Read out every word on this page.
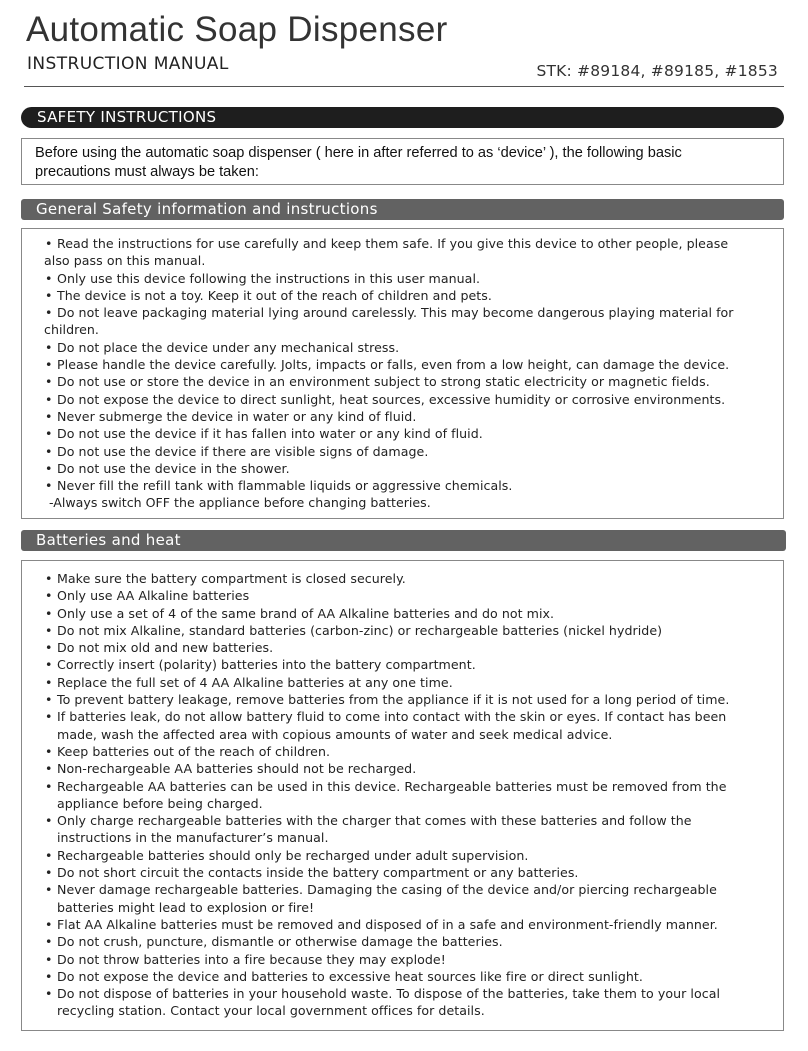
Automatic Soap Dispenser
INSTRUCTION MANUAL	STK: #89184, #89185, #1853
SAFETY INSTRUCTIONS

Before using the automatic soap dispenser ( here in after referred to as ‘device’ ), the following basic
precautions must always be taken:

General Safety information and instructions
• Read the instructions for use carefully and keep them safe. If you give this device to other people, please
also pass on this manual.
• Only use this device following the instructions in this user manual.
• The device is not a toy. Keep it out of the reach of children and pets.
• Do not leave packaging material lying around carelessly. This may become dangerous playing material for
children.
• Do not place the device under any mechanical stress.
• Please handle the device carefully. Jolts, impacts or falls, even from a low height, can damage the device.
• Do not use or store the device in an environment subject to strong static electricity or magnetic fields.
• Do not expose the device to direct sunlight, heat sources, excessive humidity or corrosive environments.
• Never submerge the device in water or any kind of fluid.
• Do not use the device if it has fallen into water or any kind of fluid.
• Do not use the device if there are visible signs of damage.
• Do not use the device in the shower.
• Never fill the refill tank with flammable liquids or aggressive chemicals.
-Always switch OFF the appliance before changing batteries.
Batteries and heat
• Make sure the battery compartment is closed securely.
• Only use AA Alkaline batteries
• Only use a set of 4 of the same brand of AA Alkaline batteries and do not mix.
• Do not mix Alkaline, standard batteries (carbon-zinc) or rechargeable batteries (nickel hydride)
• Do not mix old and new batteries.
• Correctly insert (polarity) batteries into the battery compartment.
• Replace the full set of 4 AA Alkaline batteries at any one time.
• To prevent battery leakage, remove batteries from the appliance if it is not used for a long period of time.
• If batteries leak, do not allow battery fluid to come into contact with the skin or eyes. If contact has been
made, wash the affected area with copious amounts of water and seek medical advice.
• Keep batteries out of the reach of children.
• Non-rechargeable AA batteries should not be recharged.
• Rechargeable AA batteries can be used in this device. Rechargeable batteries must be removed from the
appliance before being charged.
• Only charge rechargeable batteries with the charger that comes with these batteries and follow the
instructions in the manufacturer’s manual.
• Rechargeable batteries should only be recharged under adult supervision.
• Do not short circuit the contacts inside the battery compartment or any batteries.
• Never damage rechargeable batteries. Damaging the casing of the device and/or piercing rechargeable
batteries might lead to explosion or fire!
• Flat AA Alkaline batteries must be removed and disposed of in a safe and environment-friendly manner.
• Do not crush, puncture, dismantle or otherwise damage the batteries.
• Do not throw batteries into a fire because they may explode!
• Do not expose the device and batteries to excessive heat sources like fire or direct sunlight.
• Do not dispose of batteries in your household waste. To dispose of the batteries, take them to your local
recycling station. Contact your local government offices for details.
